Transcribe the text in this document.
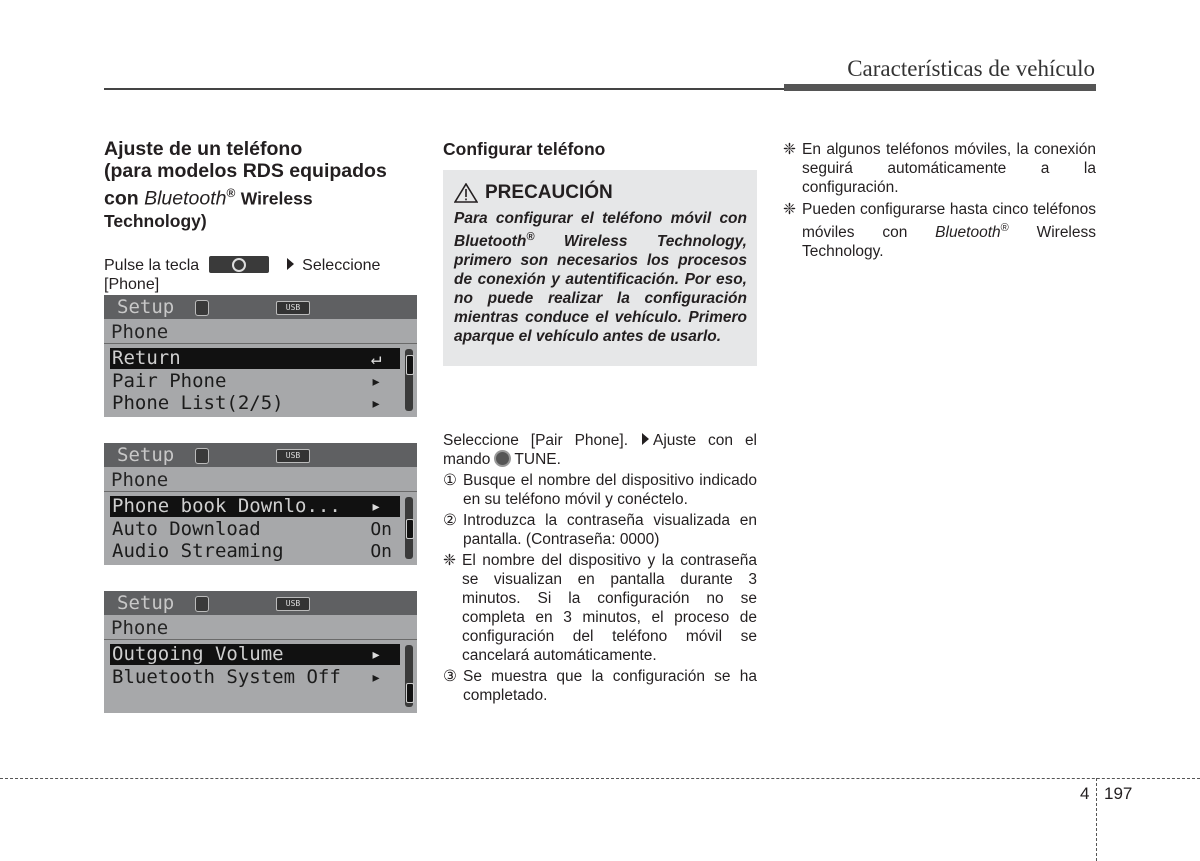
Características de vehículo
Ajuste de un teléfono
(para modelos RDS equipados
con Bluetooth® Wireless
Technology)
Pulse la tecla	Seleccione
[Phone]
Setup	USB
Phone
Return	↵
Pair Phone	▸
Phone List(2/5)	▸
Setup	USB
Phone
Phone book Downlo...	▸
Auto Download	On
Audio Streaming	On
Setup	USB
Phone
Outgoing Volume	▸
Bluetooth System Off	▸
Configurar teléfono
PRECAUCIÓN
Para configurar el teléfono móvil con Bluetooth® Wireless Technology, primero son necesarios los procesos de conexión y autentificación. Por eso, no puede realizar la configuración mientras conduce el vehículo. Primero aparque el vehículo antes de usarlo.

Seleccione [Pair Phone]. Ajuste con el mando TUNE.

① Busque el nombre del dispositivo indicado en su teléfono móvil y conéctelo.
② Introduzca la contraseña visualizada en pantalla. (Contraseña: 0000)
❈ El nombre del dispositivo y la contraseña se visualizan en pantalla durante 3 minutos. Si la configuración no se completa en 3 minutos, el proceso de configuración del teléfono móvil se cancelará automáticamente.
③ Se muestra que la configuración se ha completado.
❈ En algunos teléfonos móviles, la conexión seguirá automáticamente a la configuración.
❈ Pueden configurarse hasta cinco teléfonos móviles con Bluetooth® Wireless Technology.
4 197
